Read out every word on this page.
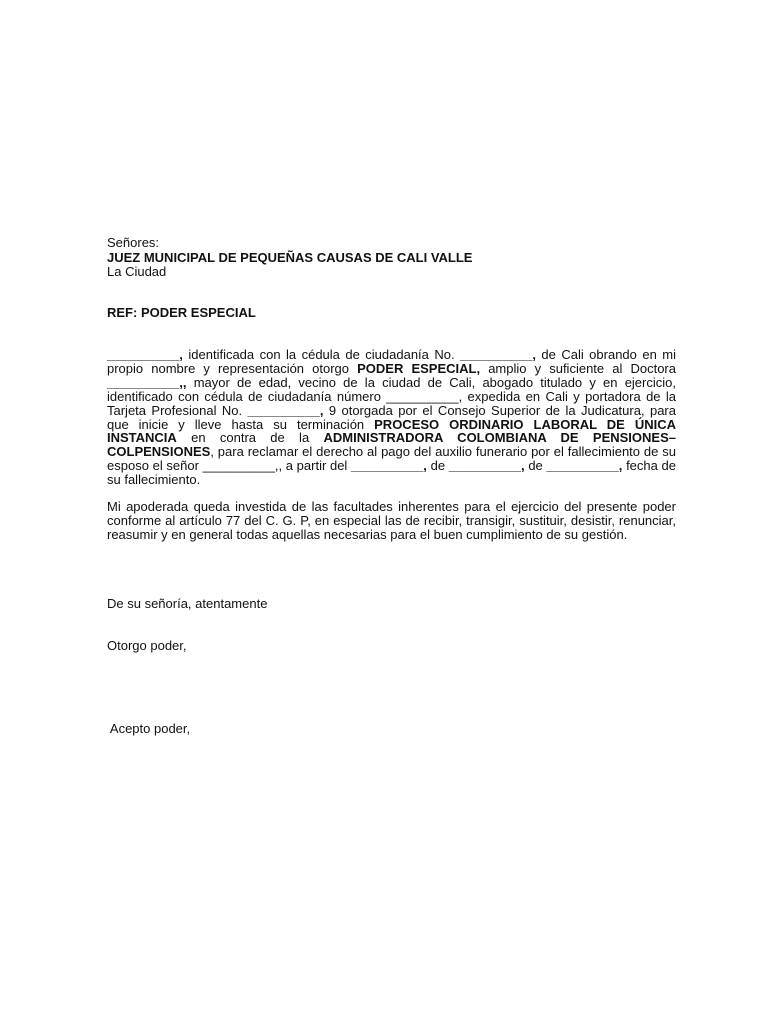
Señores:
JUEZ MUNICIPAL DE PEQUEÑAS CAUSAS DE CALI VALLE
La Ciudad
REF: PODER ESPECIAL
__________, identificada con la cédula de ciudadanía No. __________, de Cali obrando en mi propio nombre y representación otorgo PODER ESPECIAL, amplio y suficiente al Doctora __________,, mayor de edad, vecino de la ciudad de Cali, abogado titulado y en ejercicio, identificado con cédula de ciudadanía número __________, expedida en Cali y portadora de la Tarjeta Profesional No. __________, 9 otorgada por el Consejo Superior de la Judicatura, para que inicie y lleve hasta su terminación PROCESO ORDINARIO LABORAL DE ÚNICA INSTANCIA en contra de la ADMINISTRADORA COLOMBIANA DE PENSIONES– COLPENSIONES, para reclamar el derecho al pago del auxilio funerario por el fallecimiento de su esposo el señor __________,, a partir del __________, de __________, de __________, fecha de su fallecimiento.
Mi apoderada queda investida de las facultades inherentes para el ejercicio del presente poder conforme al artículo 77 del C. G. P, en especial las de recibir, transigir, sustituir, desistir, renunciar, reasumir y en general todas aquellas necesarias para el buen cumplimiento de su gestión.
De su señoría, atentamente
Otorgo poder,
Acepto poder,
